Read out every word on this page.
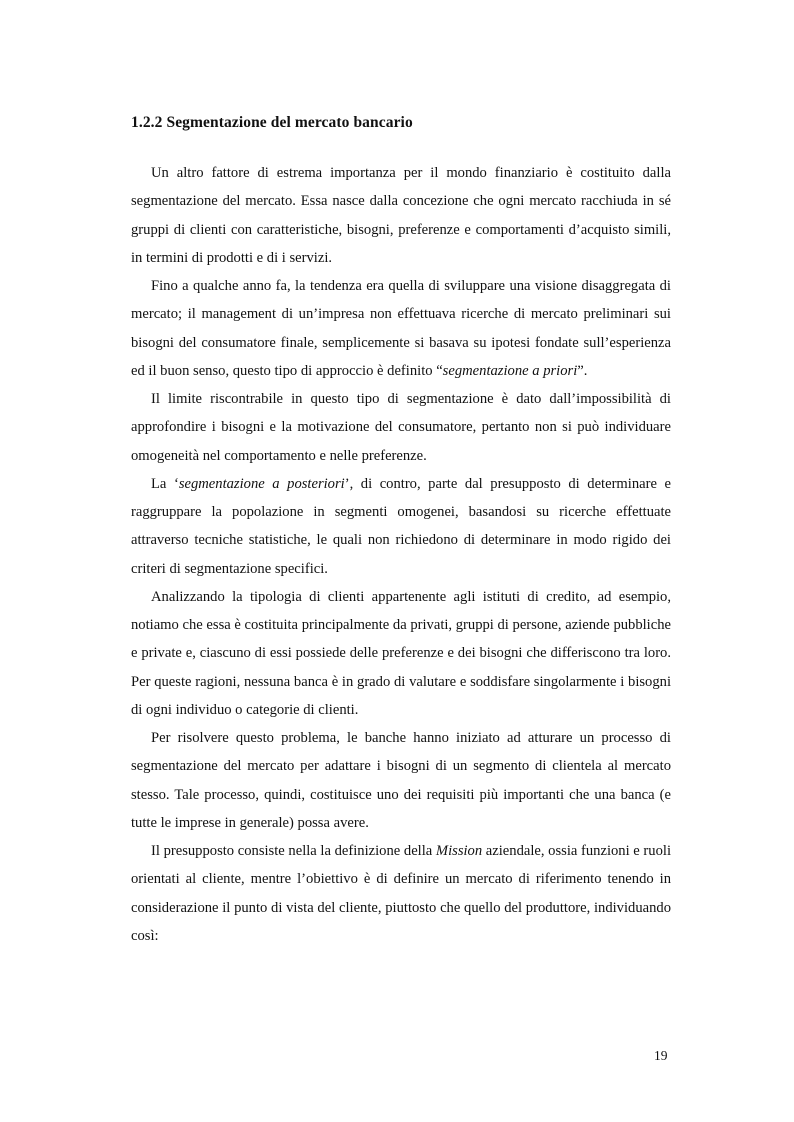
1.2.2 Segmentazione del mercato bancario

Un altro fattore di estrema importanza per il mondo finanziario è costituito dalla segmentazione del mercato. Essa nasce dalla concezione che ogni mercato racchiuda in sé gruppi di clienti con caratteristiche, bisogni, preferenze e comportamenti d’acquisto simili, in termini di prodotti e di i servizi.

Fino a qualche anno fa, la tendenza era quella di sviluppare una visione disaggregata di mercato; il management di un’impresa non effettuava ricerche di mercato preliminari sui bisogni del consumatore finale, semplicemente si basava su ipotesi fondate sull’esperienza ed il buon senso, questo tipo di approccio è definito “segmentazione a priori”.

Il limite riscontrabile in questo tipo di segmentazione è dato dall’impossibilità di approfondire i bisogni e la motivazione del consumatore, pertanto non si può individuare omogeneità nel comportamento e nelle preferenze.

La ‘segmentazione a posteriori’, di contro, parte dal presupposto di determinare e raggruppare la popolazione in segmenti omogenei, basandosi su ricerche effettuate attraverso tecniche statistiche, le quali non richiedono di determinare in modo rigido dei criteri di segmentazione specifici.

Analizzando la tipologia di clienti appartenente agli istituti di credito, ad esempio, notiamo che essa è costituita principalmente da privati, gruppi di persone, aziende pubbliche e private e, ciascuno di essi possiede delle preferenze e dei bisogni che differiscono tra loro. Per queste ragioni, nessuna banca è in grado di valutare e soddisfare singolarmente i bisogni di ogni individuo o categorie di clienti.

Per risolvere questo problema, le banche hanno iniziato ad atturare un processo di segmentazione del mercato per adattare i bisogni di un segmento di clientela al mercato stesso. Tale processo, quindi, costituisce uno dei requisiti più importanti che una banca (e tutte le imprese in generale) possa avere.

Il presupposto consiste nella la definizione della Mission aziendale, ossia funzioni e ruoli orientati al cliente, mentre l’obiettivo è di definire un mercato di riferimento tenendo in considerazione il punto di vista del cliente, piuttosto che quello del produttore, individuando così:

19
